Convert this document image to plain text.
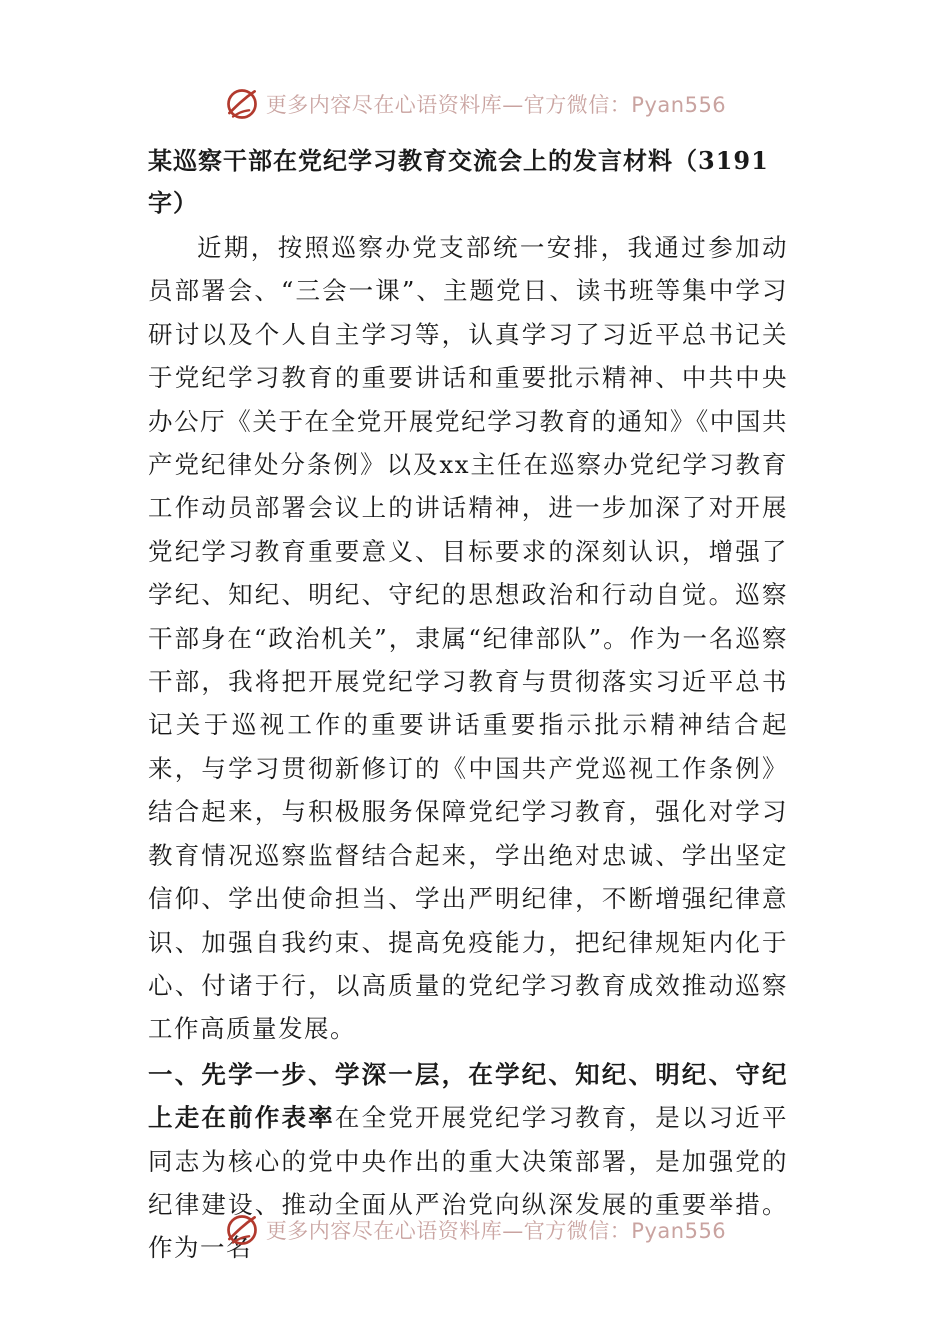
更多内容尽在心语资料库—官方微信：Pyan556
某巡察干部在党纪学习教育交流会上的发言材料（3191字）

近期，按照巡察办党支部统一安排，我通过参加动员部署会、“三会一课”、主题党日、读书班等集中学习研讨以及个人自主学习等，认真学习了习近平总书记关于党纪学习教育的重要讲话和重要批示精神、中共中央办公厅《关于在全党开展党纪学习教育的通知》《中国共产党纪律处分条例》以及xx主任在巡察办党纪学习教育工作动员部署会议上的讲话精神，进一步加深了对开展党纪学习教育重要意义、目标要求的深刻认识，增强了学纪、知纪、明纪、守纪的思想政治和行动自觉。巡察干部身在“政治机关”，隶属“纪律部队”。作为一名巡察干部，我将把开展党纪学习教育与贯彻落实习近平总书记关于巡视工作的重要讲话重要指示批示精神结合起来，与学习贯彻新修订的《中国共产党巡视工作条例》结合起来，与积极服务保障党纪学习教育，强化对学习教育情况巡察监督结合起来，学出绝对忠诚、学出坚定信仰、学出使命担当、学出严明纪律，不断增强纪律意识、加强自我约束、提高免疫能力，把纪律规矩内化于心、付诸于行，以高质量的党纪学习教育成效推动巡察工作高质量发展。

一、先学一步、学深一层，在学纪、知纪、明纪、守纪上走在前作表率在全党开展党纪学习教育，是以习近平同志为核心的党中央作出的重大决策部署，是加强党的纪律建设、推动全面从严治党向纵深发展的重要举措。作为一名

更多内容尽在心语资料库—官方微信：Pyan556
